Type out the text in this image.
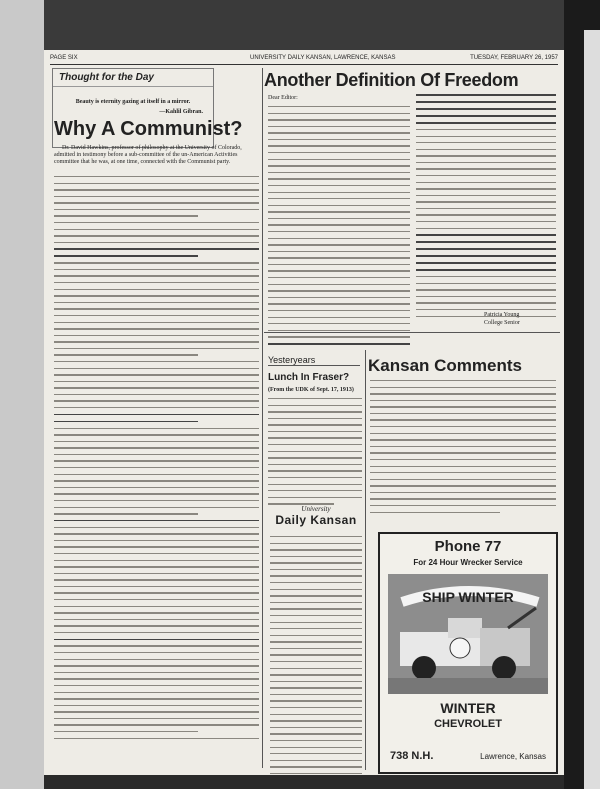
PAGE SIX	UNIVERSITY DAILY KANSAN, LAWRENCE, KANSAS	TUESDAY, FEBRUARY 26, 1957
Thought for the Day
Beauty is eternity gazing at itself in a mirror.
—Kahlil Gibran.
Why A Communist?
Dr. David Hawkins, professor of philosophy at the University of Colorado, admitted in testimony before a sub-committee of the un-American Activities committee that he was, at one time, connected with the Communist party.
Another Definition Of Freedom
Dear Editor:
Patricia Young
College Senior
Yesteryears
Lunch In Fraser?
(From the UDK of Sept. 17, 1913)
Kansan Comments
University
Daily Kansan
Phone 77
For 24 Hour Wrecker Service
SHIP WINTER
WINTER
CHEVROLET
738 N.H.	Lawrence, Kansas
